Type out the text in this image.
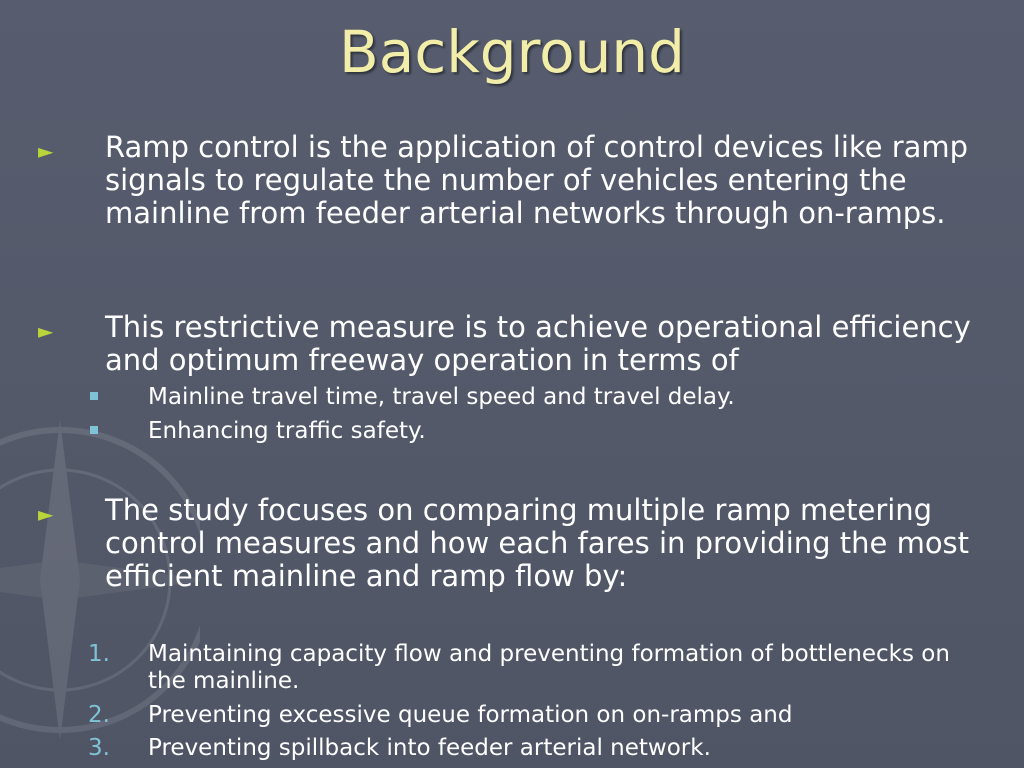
Background
► Ramp control is the application of control devices like ramp signals to regulate the number of vehicles entering the mainline from feeder arterial networks through on-ramps.
► This restrictive measure is to achieve operational efficiency and optimum freeway operation in terms of
Mainline travel time, travel speed and travel delay.
Enhancing traffic safety.
► The study focuses on comparing multiple ramp metering control measures and how each fares in providing the most efficient mainline and ramp flow by:
1. Maintaining capacity flow and preventing formation of bottlenecks on the mainline.
2. Preventing excessive queue formation on on-ramps and
3. Preventing spillback into feeder arterial network.
